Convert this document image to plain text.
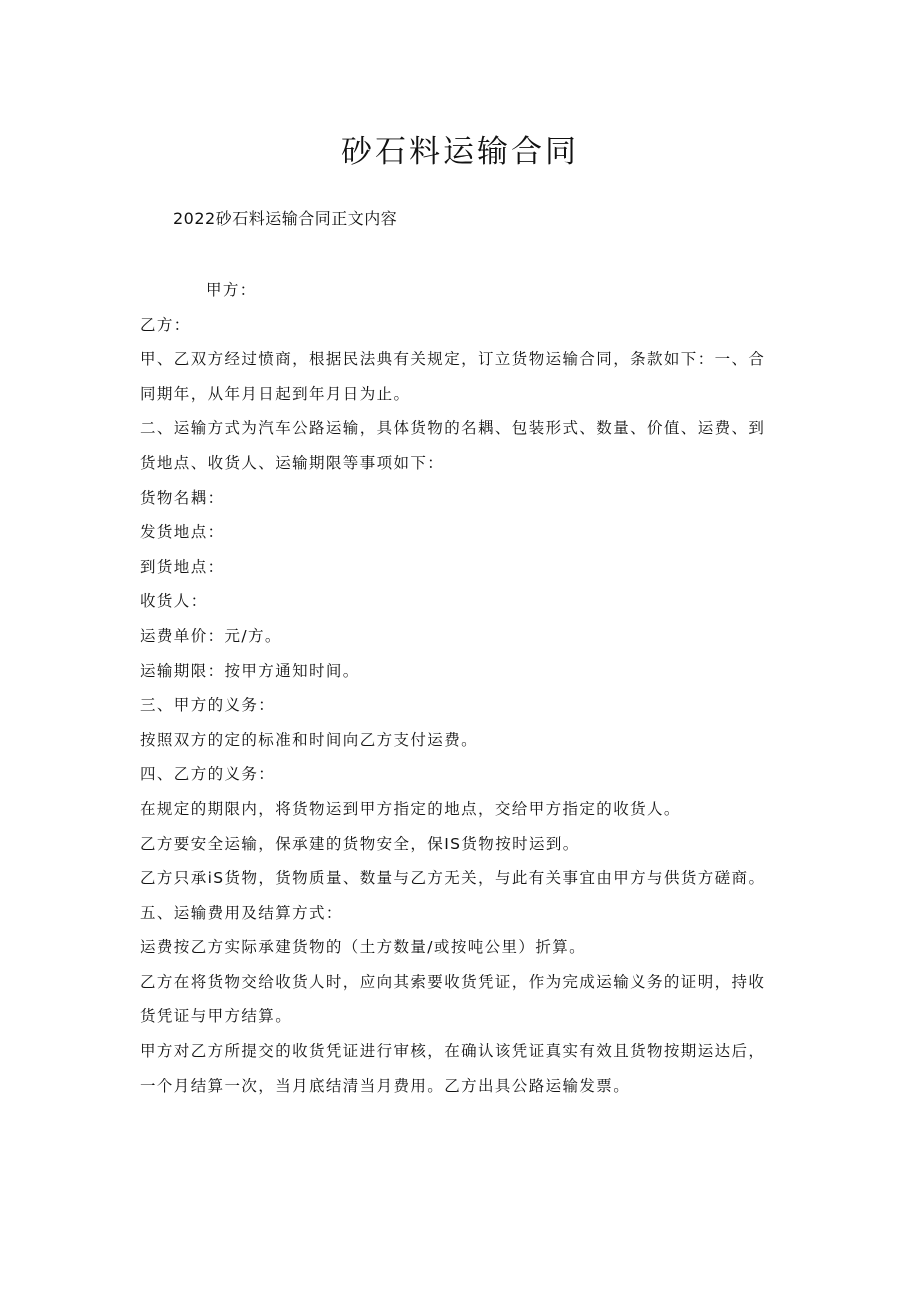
砂石料运输合同

2022砂石料运输合同正文内容

甲方：

乙方：

甲、乙双方经过愤商，根据民法典有关规定，订立货物运输合同，条款如下：一、合

同期年，从年月日起到年月日为止。

二、运输方式为汽车公路运输，具体货物的名耦、包装形式、数量、价值、运费、到

货地点、收货人、运输期限等事项如下：

货物名耦：

发货地点：

到货地点：

收货人：

运费单价：元/方。

运输期限：按甲方通知时间。

三、甲方的义务：

按照双方的定的标准和时间向乙方支付运费。

四、乙方的义务：

在规定的期限内，将货物运到甲方指定的地点，交给甲方指定的收货人。

乙方要安全运输，保承建的货物安全，保IS货物按时运到。

乙方只承iS货物，货物质量、数量与乙方无关，与此有关事宜由甲方与供货方磋商。

五、运输费用及结算方式：

运费按乙方实际承建货物的（土方数量/或按吨公里）折算。

乙方在将货物交给收货人时，应向其索要收货凭证，作为完成运输义务的证明，持收

货凭证与甲方结算。

甲方对乙方所提交的收货凭证进行审核，在确认该凭证真实有效且货物按期运达后，

一个月结算一次，当月底结清当月费用。乙方出具公路运输发票。
